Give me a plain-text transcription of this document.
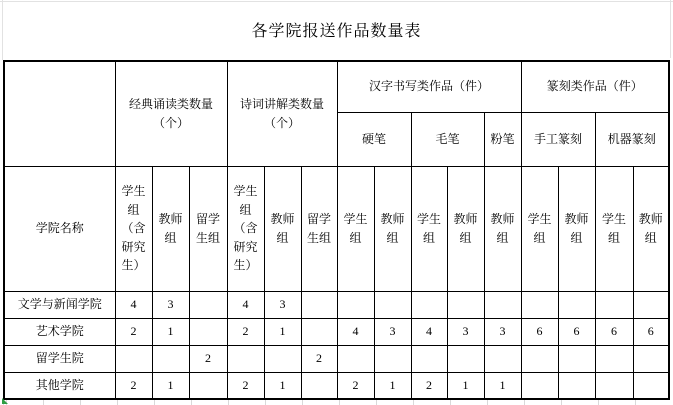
各学院报送作品数量表
	经典诵读类数量（个）			诗词讲解类数量（个）			汉字书写类作品（件）					篆刻类作品（件）			
							硬笔		毛笔		粉笔	手工篆刻		机器篆刻	
学院名称	学生组（含研究生）	教师组	留学生组	学生组（含研究生）	教师组	留学生组	学生组	教师组	学生组	教师组	教师组	学生组	教师组	学生组	教师组
文学与新闻学院	4	3		4	3										
艺术学院	2	1		2	1		4	3	4	3	3	6	6	6	6
留学生院			2			2									
其他学院	2	1		2	1		2	1	2	1	1				
